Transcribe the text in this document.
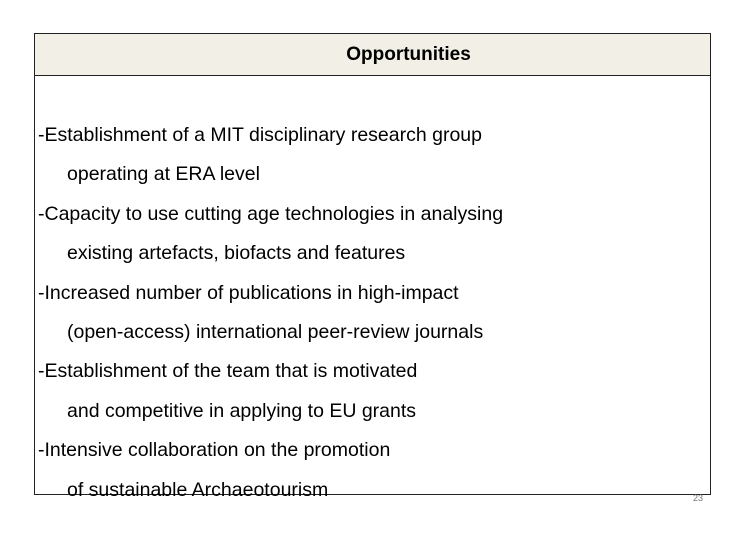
Opportunities
-Establishment of a MIT disciplinary research group
operating at ERA level
-Capacity to use cutting age technologies in analysing
existing artefacts, biofacts and features
-Increased number of publications in high-impact
(open-access) international peer-review journals
-Establishment of the team that is motivated
and competitive in applying to EU grants
-Intensive collaboration on the promotion
of sustainable Archaeotourism	23
